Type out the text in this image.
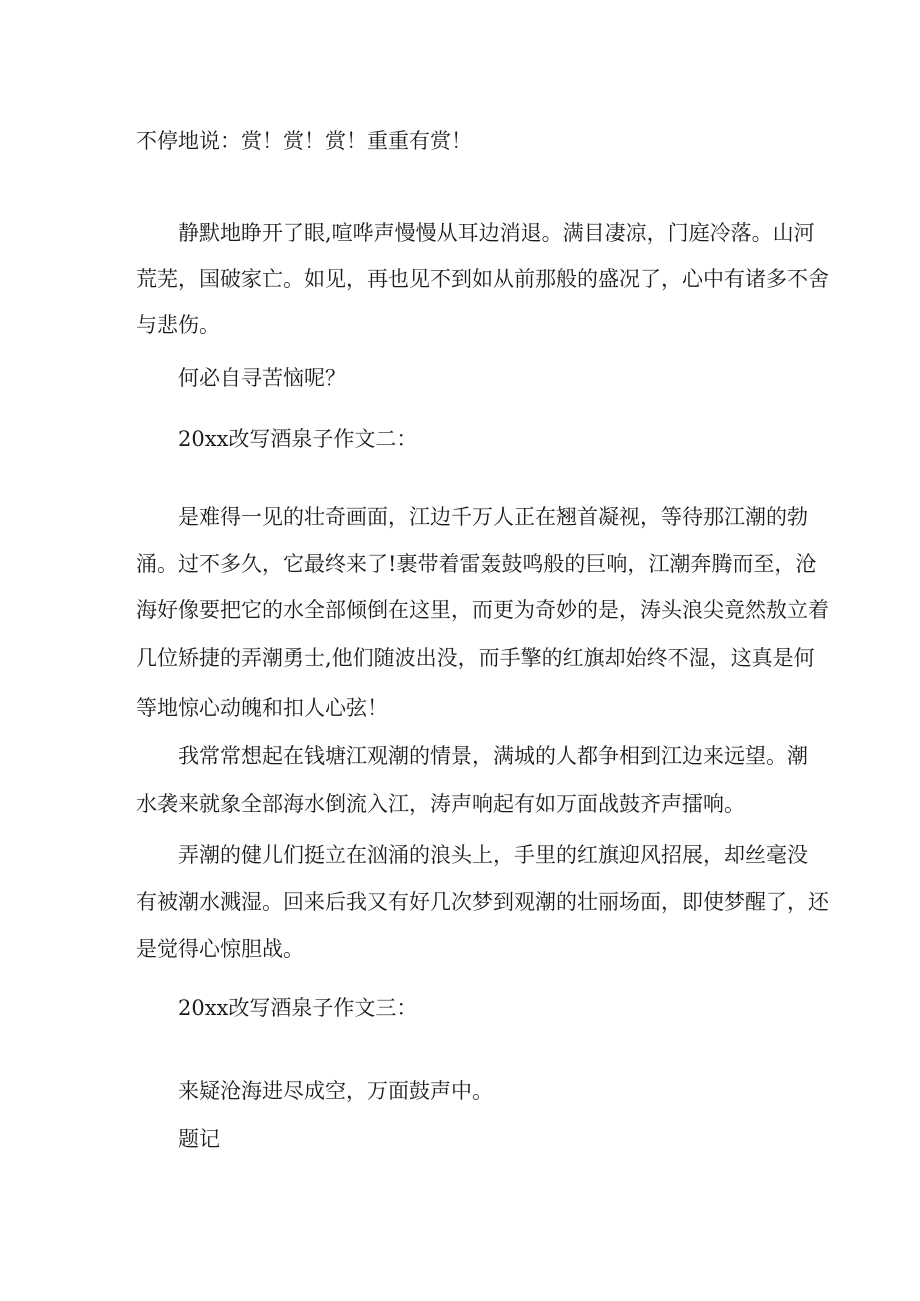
不停地说：赏！赏！赏！重重有赏！

静默地睁开了眼,喧哗声慢慢从耳边消退。满目凄凉，门庭冷落。山河

荒芜，国破家亡。如见，再也见不到如从前那般的盛况了，心中有诸多不舍

与悲伤。

何必自寻苦恼呢？

20xx改写酒泉子作文二：

是难得一见的壮奇画面，江边千万人正在翘首凝视，等待那江潮的勃

涌。过不多久，它最终来了!裹带着雷轰鼓鸣般的巨响，江潮奔腾而至，沧

海好像要把它的水全部倾倒在这里，而更为奇妙的是，涛头浪尖竟然敖立着

几位矫捷的弄潮勇士,他们随波出没，而手擎的红旗却始终不湿，这真是何

等地惊心动魄和扣人心弦！

我常常想起在钱塘江观潮的情景，满城的人都争相到江边来远望。潮

水袭来就象全部海水倒流入江，涛声响起有如万面战鼓齐声擂响。

弄潮的健儿们挺立在汹涌的浪头上，手里的红旗迎风招展，却丝毫没

有被潮水溅湿。回来后我又有好几次梦到观潮的壮丽场面，即使梦醒了，还

是觉得心惊胆战。

20xx改写酒泉子作文三：

来疑沧海进尽成空，万面鼓声中。

题记
